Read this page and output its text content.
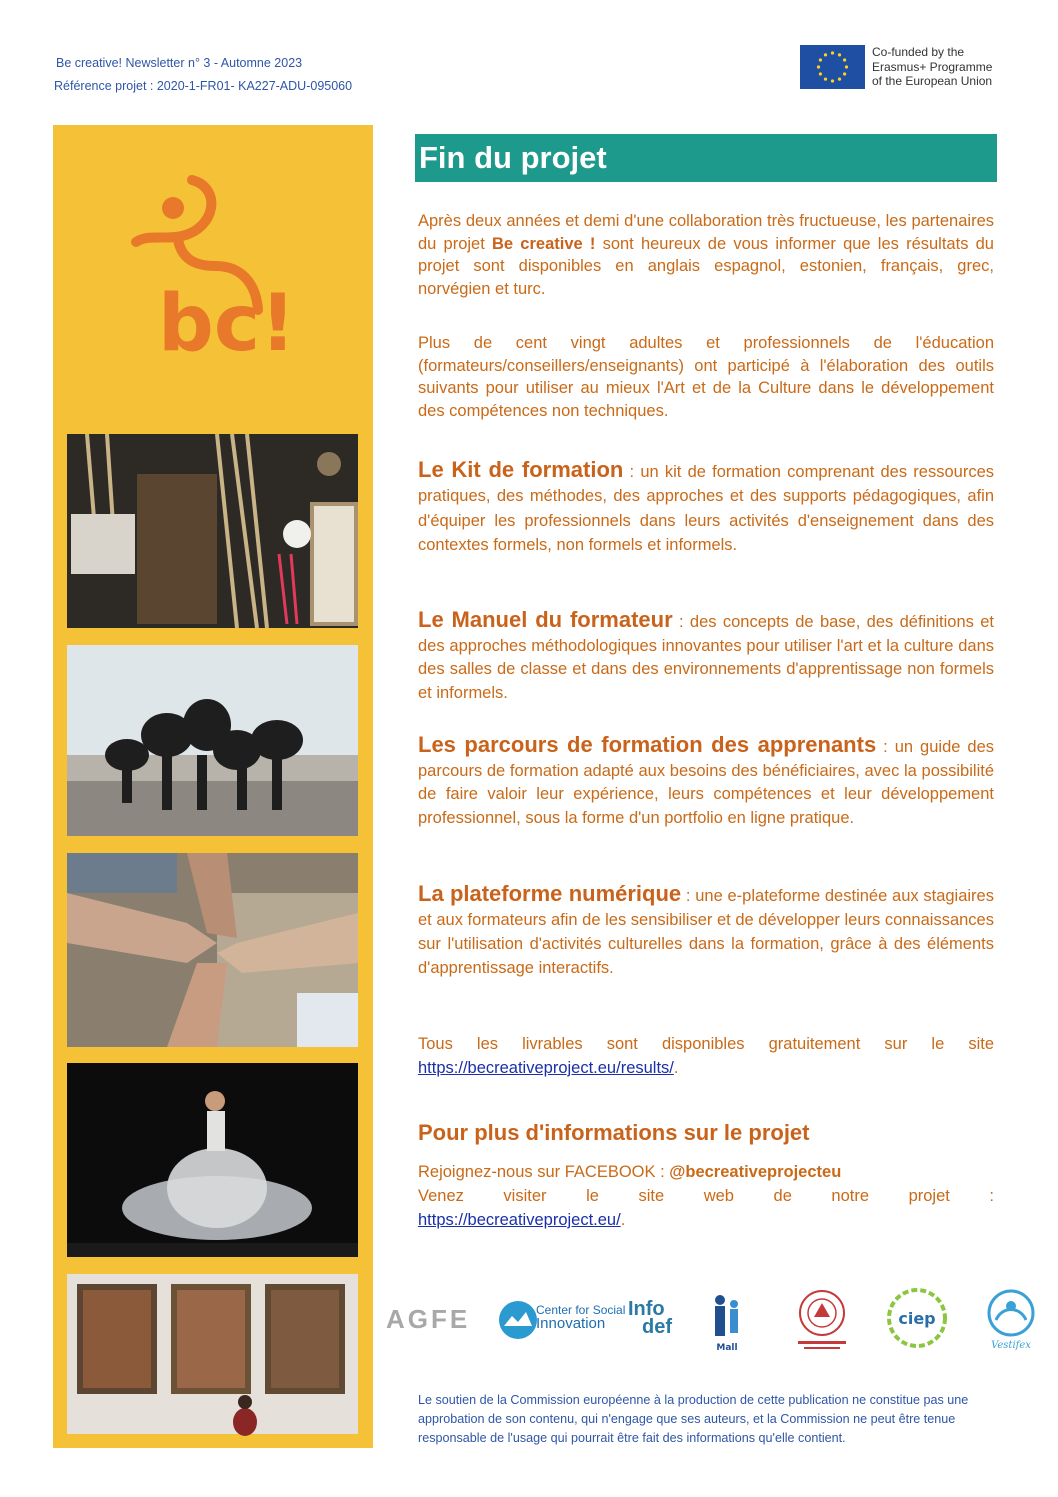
Be creative! Newsletter n° 3 - Automne 2023
Référence projet : 2020-1-FR01- KA227-ADU-095060
Co-funded by the
Erasmus+ Programme
of the European Union
bc!
Fin du projet
Après deux années et demi d'une collaboration très fructueuse, les partenaires du projet Be creative ! sont heureux de vous informer que les résultats du projet sont disponibles en anglais espagnol, estonien, français, grec, norvégien et turc.
Plus de cent vingt adultes et professionnels de l'éducation (formateurs/conseillers/enseignants) ont participé à l'élaboration des outils suivants pour utiliser au mieux l'Art et de la Culture dans le développement des compétences non techniques.
Le Kit de formation : un kit de formation comprenant des ressources pratiques, des méthodes, des approches et des supports pédagogiques, afin d'équiper les professionnels dans leurs activités d'enseignement dans des contextes formels, non formels et informels.
Le Manuel du formateur : des concepts de base, des définitions et des approches méthodologiques innovantes pour utiliser l'art et la culture dans des salles de classe et dans des environnements d'apprentissage non formels et informels.
Les parcours de formation des apprenants : un guide des parcours de formation adapté aux besoins des bénéficiaires, avec la possibilité de faire valoir leur expérience, leurs compétences et leur développement professionnel, sous la forme d'un portfolio en ligne pratique.
La plateforme numérique : une e-plateforme destinée aux stagiaires et aux formateurs afin de les sensibiliser et de développer leurs connaissances sur l'utilisation d'activités culturelles dans la formation, grâce à des éléments d'apprentissage interactifs.
Tous les livrables sont disponibles gratuitement sur le site https://becreativeproject.eu/results/.
Pour plus d'informations sur le projet
Rejoignez-nous sur FACEBOOK : @becreativeprojecteu
Venez visiter le site web de notre projet :
https://becreativeproject.eu/.
AGFE	Center for Social
Innovation
Info
def
Mall
ciep
Vestifex
Le soutien de la Commission européenne à la production de cette publication ne constitue pas une approbation de son contenu, qui n'engage que ses auteurs, et la Commission ne peut être tenue responsable de l'usage qui pourrait être fait des informations qu'elle contient.
